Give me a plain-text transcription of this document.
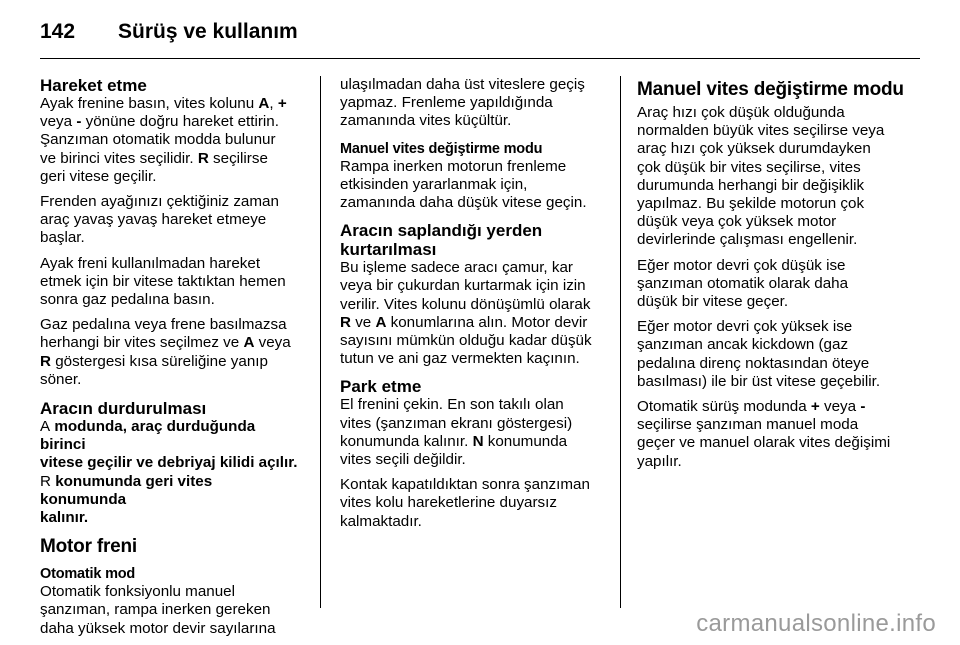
142 Sürüş ve kullanım
Hareket etme

Ayak frenine basın, vites kolunu A, +
veya - yönüne doğru hareket ettirin.
Şanzıman otomatik modda bulunur
ve birinci vites seçilidir. R seçilirse
geri vitese geçilir.

Frenden ayağınızı çektiğiniz zaman
araç yavaş yavaş hareket etmeye
başlar.

Ayak freni kullanılmadan hareket
etmek için bir vitese taktıktan hemen
sonra gaz pedalına basın.

Gaz pedalına veya frene basılmazsa
herhangi bir vites seçilmez ve A veya
R göstergesi kısa süreliğine yanıp
söner.

Aracın durdurulması

A modunda, araç durduğunda birinci
vitese geçilir ve debriyaj kilidi açılır.
R konumunda geri vites konumunda
kalınır.

Motor freni
Otomatik mod

Otomatik fonksiyonlu manuel
şanzıman, rampa inerken gereken
daha yüksek motor devir sayılarına

ulaşılmadan daha üst viteslere geçiş
yapmaz. Frenleme yapıldığında
zamanında vites küçültür.

Manuel vites değiştirme modu

Rampa inerken motorun frenleme
etkisinden yararlanmak için,
zamanında daha düşük vitese geçin.

Aracın saplandığı yerden
kurtarılması

Bu işleme sadece aracı çamur, kar
veya bir çukurdan kurtarmak için izin
verilir. Vites kolunu dönüşümlü olarak
R ve A konumlarına alın. Motor devir
sayısını mümkün olduğu kadar düşük
tutun ve ani gaz vermekten kaçının.

Park etme

El frenini çekin. En son takılı olan
vites (şanzıman ekranı göstergesi)
konumunda kalınır. N konumunda
vites seçili değildir.

Kontak kapatıldıktan sonra şanzıman
vites kolu hareketlerine duyarsız
kalmaktadır.

Manuel vites değiştirme modu

Araç hızı çok düşük olduğunda
normalden büyük vites seçilirse veya
araç hızı çok yüksek durumdayken
çok düşük bir vites seçilirse, vites
durumunda herhangi bir değişiklik
yapılmaz. Bu şekilde motorun çok
düşük veya çok yüksek motor
devirlerinde çalışması engellenir.

Eğer motor devri çok düşük ise
şanzıman otomatik olarak daha
düşük bir vitese geçer.

Eğer motor devri çok yüksek ise
şanzıman ancak kickdown (gaz
pedalına direnç noktasından öteye
basılması) ile bir üst vitese geçebilir.

Otomatik sürüş modunda + veya -
seçilirse şanzıman manuel moda
geçer ve manuel olarak vites değişimi
yapılır.

carmanualsonline.info
